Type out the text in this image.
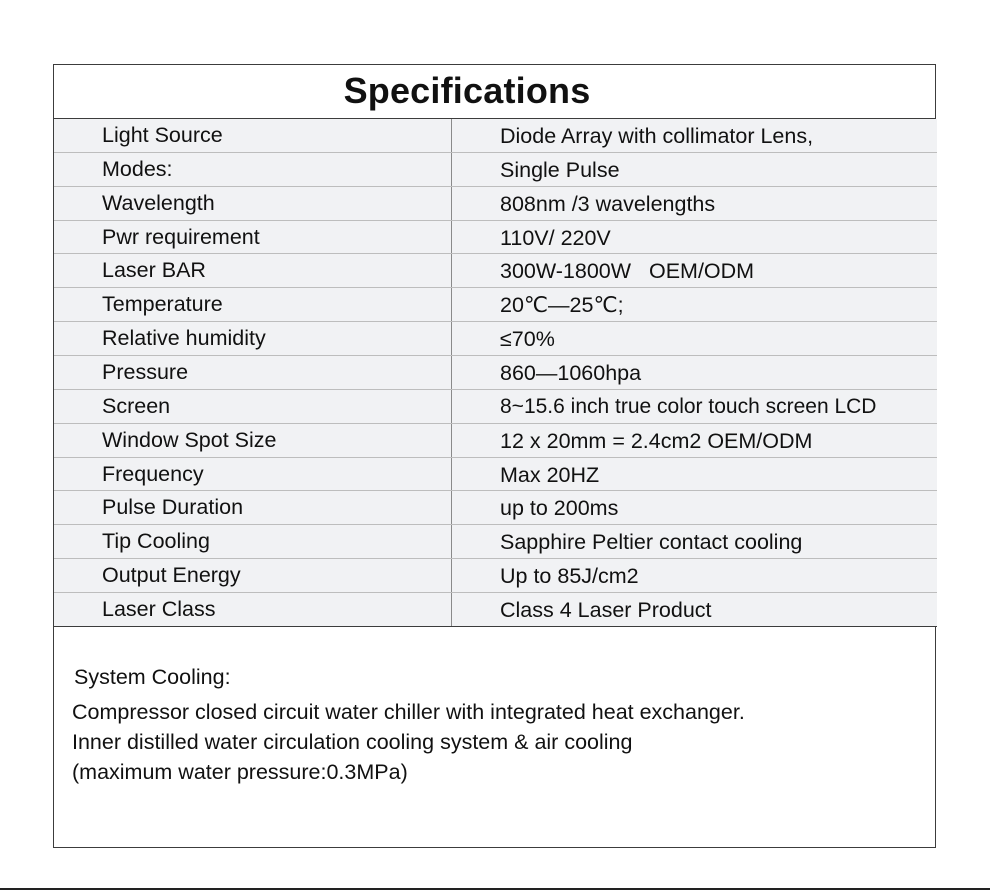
Specifications
Light Source	Diode Array with collimator Lens,
Modes:	Single Pulse
Wavelength	808nm /3 wavelengths
Pwr requirement	110V/ 220V
Laser BAR	300W-1800W   OEM/ODM
Temperature	20℃—25℃;
Relative humidity	≤70%
Pressure	860—1060hpa
Screen	8~15.6 inch true color touch screen LCD
Window Spot Size	12 x 20mm = 2.4cm2 OEM/ODM
Frequency	Max 20HZ
Pulse Duration	up to 200ms
Tip Cooling	Sapphire Peltier contact cooling
Output Energy	Up to 85J/cm2
Laser Class	Class 4 Laser Product
System Cooling:
Compressor closed circuit water chiller with integrated heat exchanger.
Inner distilled water circulation cooling system & air cooling
(maximum water pressure:0.3MPa)
